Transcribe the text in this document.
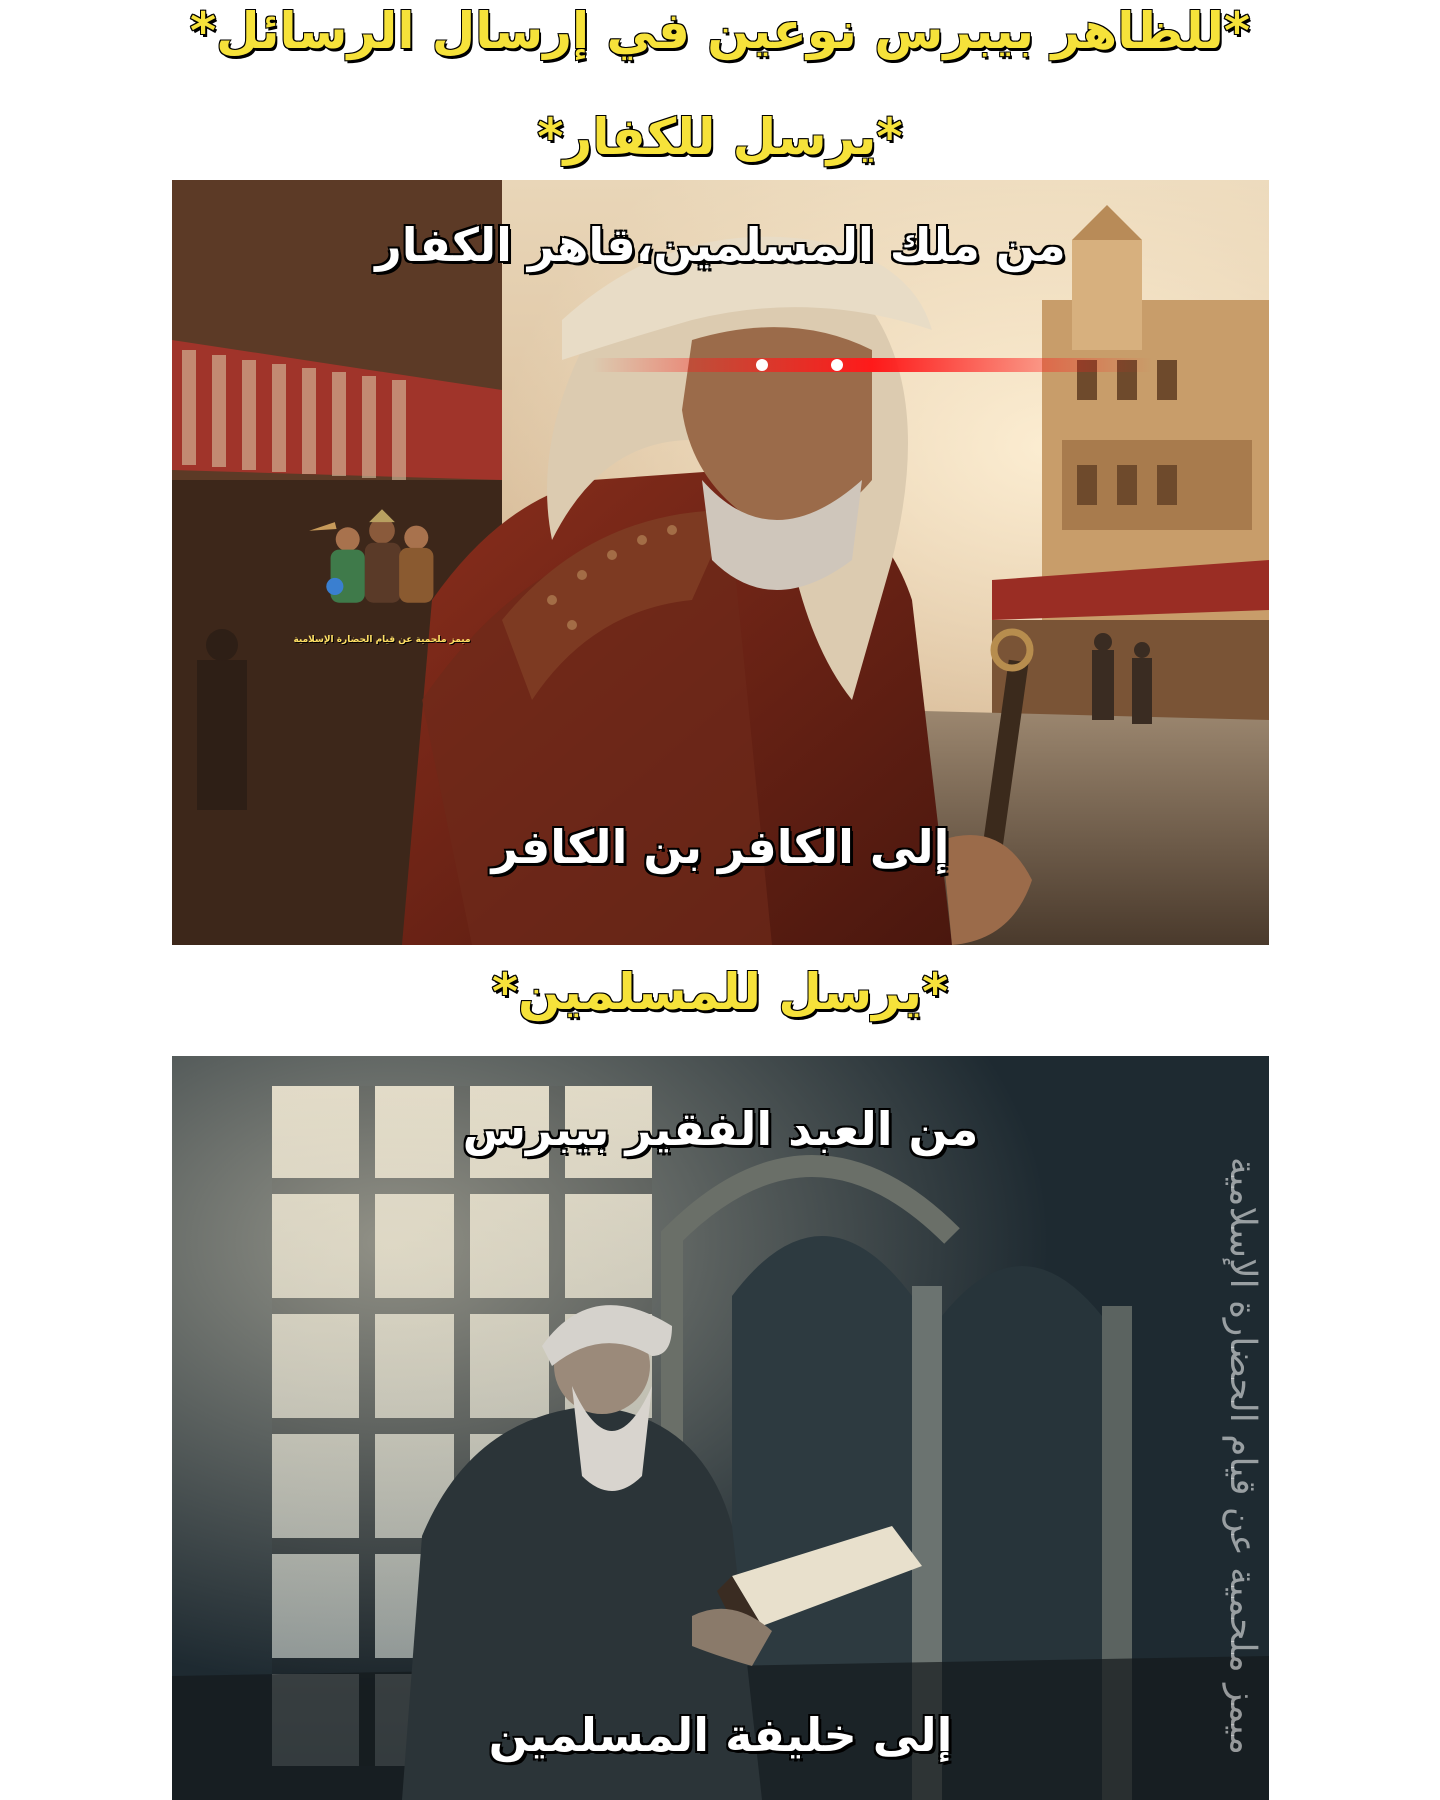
*للظاهر بيبرس نوعين في إرسال الرسائل*
*يرسل للكفار*
ميمز ملحمية عن قيام الحضارة الإسلامية
من ملك المسلمين،قاهر الكفار
إلى الكافر بن الكافر
*يرسل للمسلمين*
ميمز ملحمية عن قيام الحضارة الإسلامية
من العبد الفقير بيبرس
إلى خليفة المسلمين
